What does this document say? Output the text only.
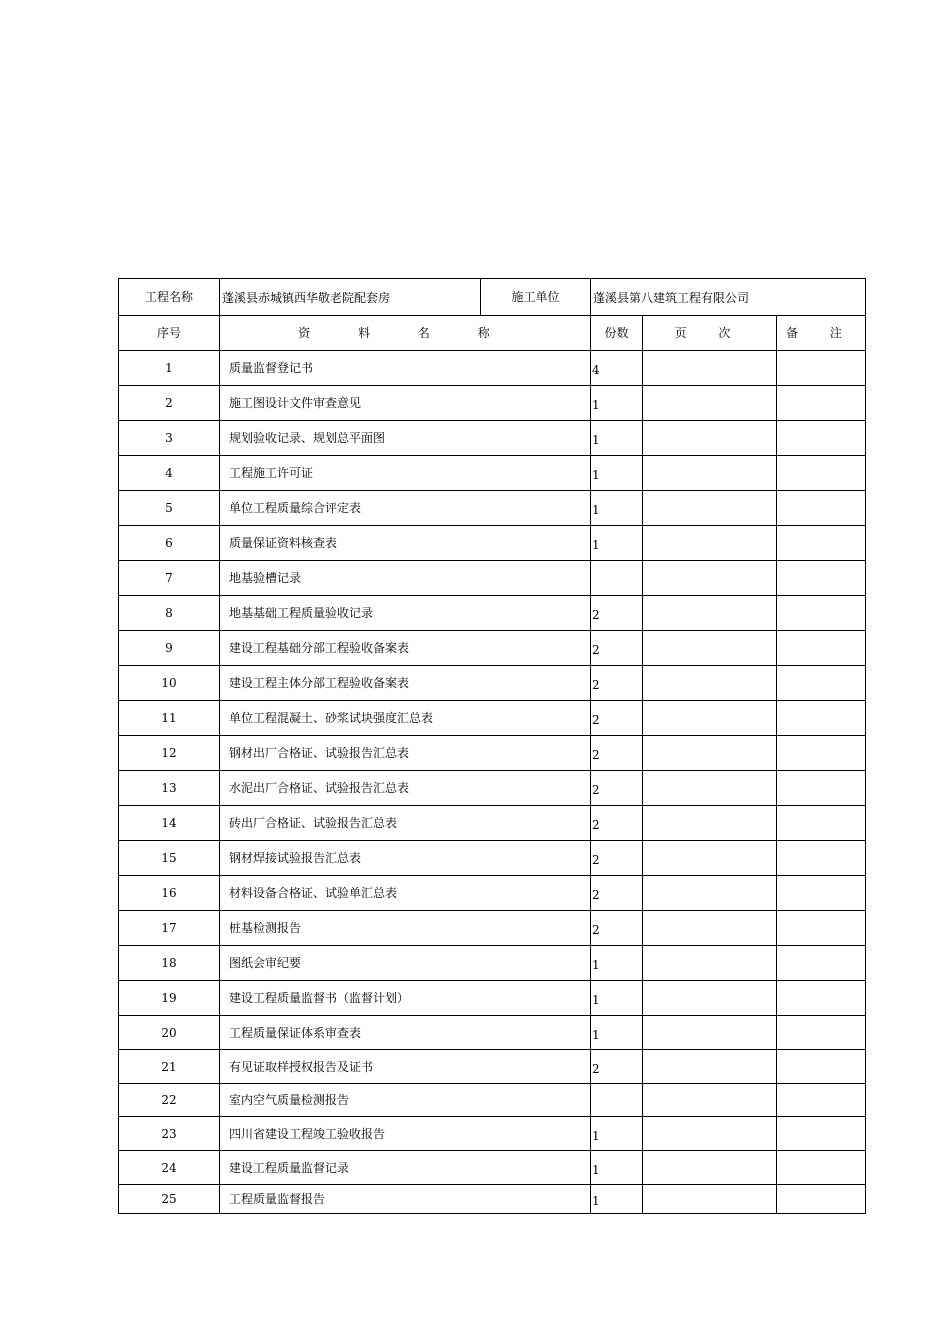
工程名称	蓬溪县赤城镇西华敬老院配套房	施工单位	蓬溪县第八建筑工程有限公司		
序号	资 料 名 称		份数	页 次	备 注
1	质量监督登记书		4		
2	施工图设计文件审查意见		1		
3	规划验收记录、规划总平面图		1		
4	工程施工许可证		1		
5	单位工程质量综合评定表		1		
6	质量保证资料核查表		1		
7	地基验槽记录				
8	地基基础工程质量验收记录		2		
9	建设工程基础分部工程验收备案表		2		
10	建设工程主体分部工程验收备案表		2		
11	单位工程混凝土、砂浆试块强度汇总表		2		
12	钢材出厂合格证、试验报告汇总表		2		
13	水泥出厂合格证、试验报告汇总表		2		
14	砖出厂合格证、试验报告汇总表		2		
15	钢材焊接试验报告汇总表		2		
16	材料设备合格证、试验单汇总表		2		
17	桩基检测报告		2		
18	图纸会审纪要		1		
19	建设工程质量监督书（监督计划）		1		
20	工程质量保证体系审查表		1		
21	有见证取样授权报告及证书		2		
22	室内空气质量检测报告				
23	四川省建设工程竣工验收报告		1		
24	建设工程质量监督记录		1		
25	工程质量监督报告		1		
